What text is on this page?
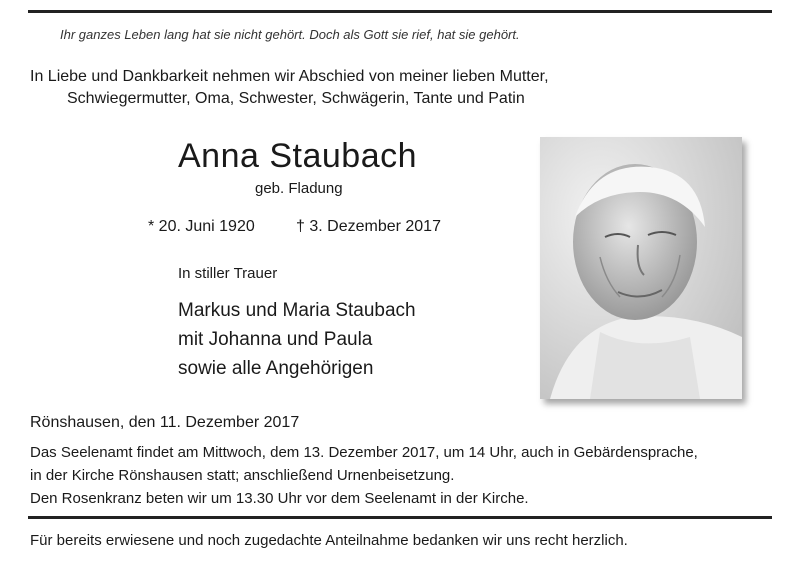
Ihr ganzes Leben lang hat sie nicht gehört. Doch als Gott sie rief, hat sie gehört.

In Liebe und Dankbarkeit nehmen wir Abschied von meiner lieben Mutter,

Schwiegermutter, Oma, Schwester, Schwägerin, Tante und Patin

Anna Staubach

geb. Fladung

* 20. Juni 1920	† 3. Dezember 2017

In stiller Trauer

Markus und Maria Staubach

mit Johanna und Paula

sowie alle Angehörigen

Rönshausen, den 11. Dezember 2017

Das Seelenamt findet am Mittwoch, dem 13. Dezember 2017, um 14 Uhr, auch in Gebärdensprache,

in der Kirche Rönshausen statt; anschließend Urnenbeisetzung.

Den Rosenkranz beten wir um 13.30 Uhr vor dem Seelenamt in der Kirche.

Für bereits erwiesene und noch zugedachte Anteilnahme bedanken wir uns recht herzlich.
